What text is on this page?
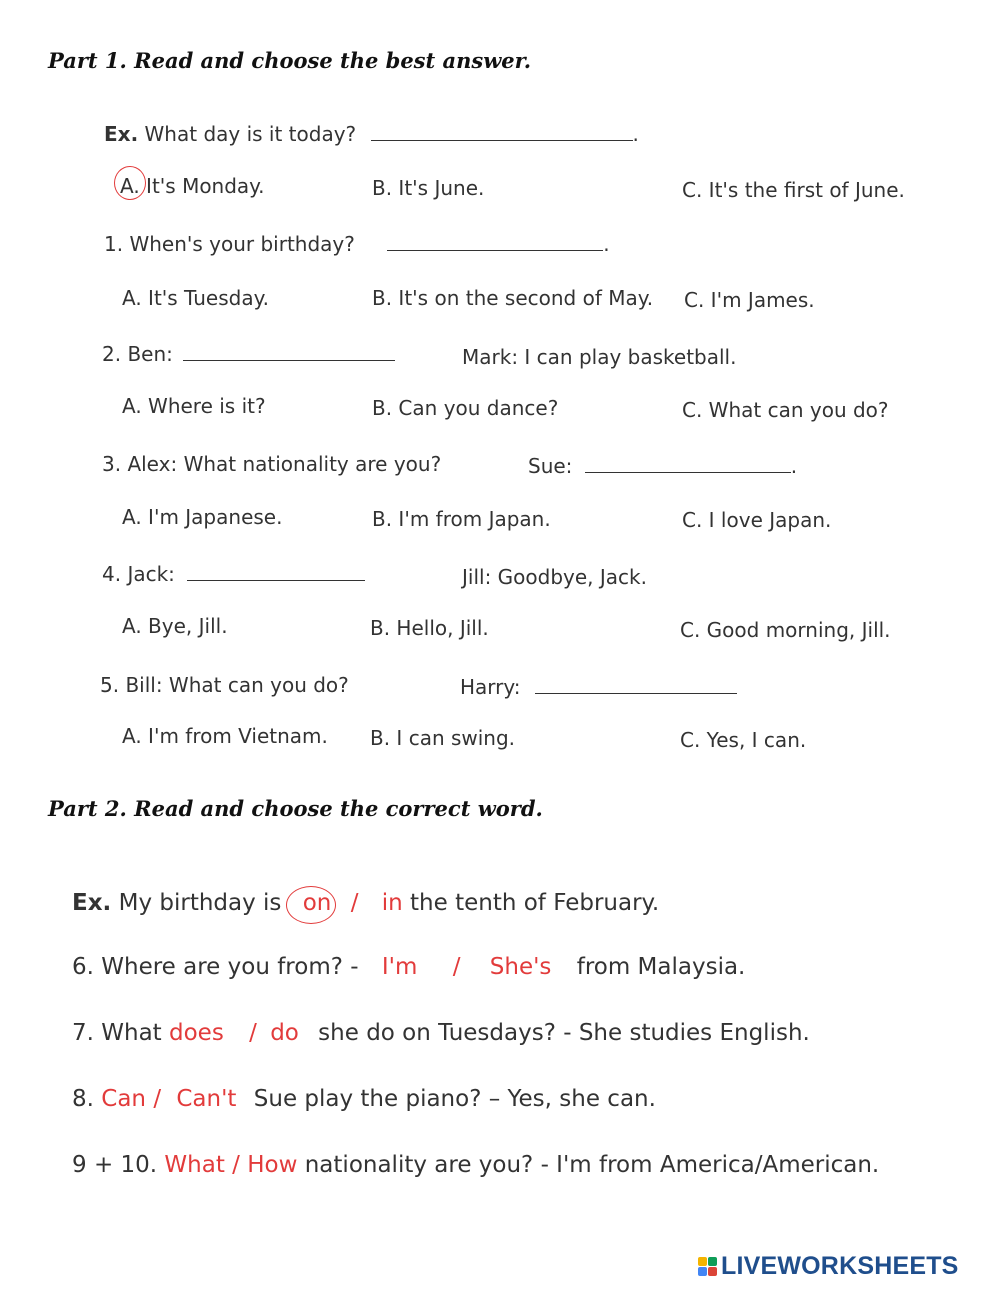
Part 1. Read and choose the best answer.
Ex. What day is it today?	.
A. It's Monday.	B. It's June.	C. It's the first of June.
1. When's your birthday?	.
A. It's Tuesday.	B. It's on the second of May. C. I'm James.
2. Ben:	Mark: I can play basketball.
A. Where is it?	B. Can you dance?	C. What can you do?
3. Alex: What nationality are you?	Sue:	.
A. I'm Japanese.	B. I'm from Japan.	C. I love Japan.
4. Jack:	Jill: Goodbye, Jack.
A. Bye, Jill.	B. Hello, Jill.	C. Good morning, Jill.
5. Bill: What can you do?	Harry:
A. I'm from Vietnam. B. I can swing.	C. Yes, I can.
Part 2. Read and choose the correct word.
Ex. My birthday is on / in the tenth of February.
6. Where are you from? - I'm / She's from Malaysia.
7. What does / do she do on Tuesdays? - She studies English.
8. Can / Can't Sue play the piano? – Yes, she can.
9 + 10. What / How nationality are you? - I'm from America/American.
LIVEWORKSHEETS
